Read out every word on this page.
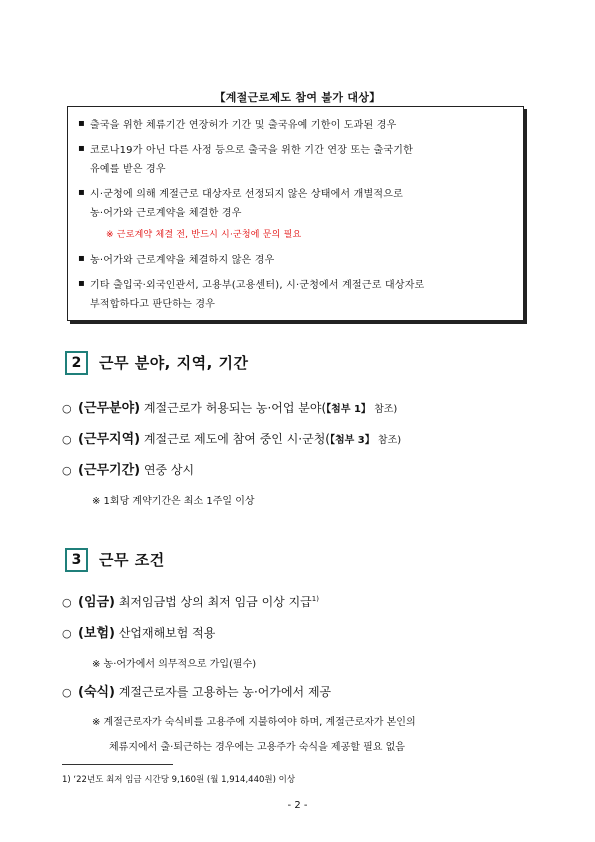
【계절근로제도 참여 불가 대상】
▪ 출국을 위한 체류기간 연장허가 기간 및 출국유예 기한이 도과된 경우
▪ 코로나19가 아닌 다른 사정 등으로 출국을 위한 기간 연장 또는 출국기한
유예를 받은 경우
▪ 시·군청에 의해 계절근로 대상자로 선정되지 않은 상태에서 개별적으로
농·어가와 근로계약을 체결한 경우
※ 근로계약 체결 전, 반드시 시·군청에 문의 필요
▪ 농·어가와 근로계약을 체결하지 않은 경우
▪ 기타 출입국·외국인관서, 고용부(고용센터), 시·군청에서 계절근로 대상자로
부적합하다고 판단하는 경우
2	근무 분야, 지역, 기간
○ (근무분야) 계절근로가 허용되는 농·어업 분야(【첨부 1】 참조)
○ (근무지역) 계절근로 제도에 참여 중인 시·군청(【첨부 3】 참조)
○ (근무기간) 연중 상시
※ 1회당 계약기간은 최소 1주일 이상
3	근무 조건
○ (임금) 최저임금법 상의 최저 임금 이상 지급$^{1)}$
○ (보험) 산업재해보험 적용
※ 농·어가에서 의무적으로 가입(필수)
○ (숙식) 계절근로자를 고용하는 농·어가에서 제공
※ 계절근로자가 숙식비를 고용주에 지불하여야 하며, 계절근로자가 본인의
체류지에서 출·퇴근하는 경우에는 고용주가 숙식을 제공할 필요 없음
1) ‘22년도 최저 임금 시간당 9,160원 (월 1,914,440원) 이상
- 2 -
